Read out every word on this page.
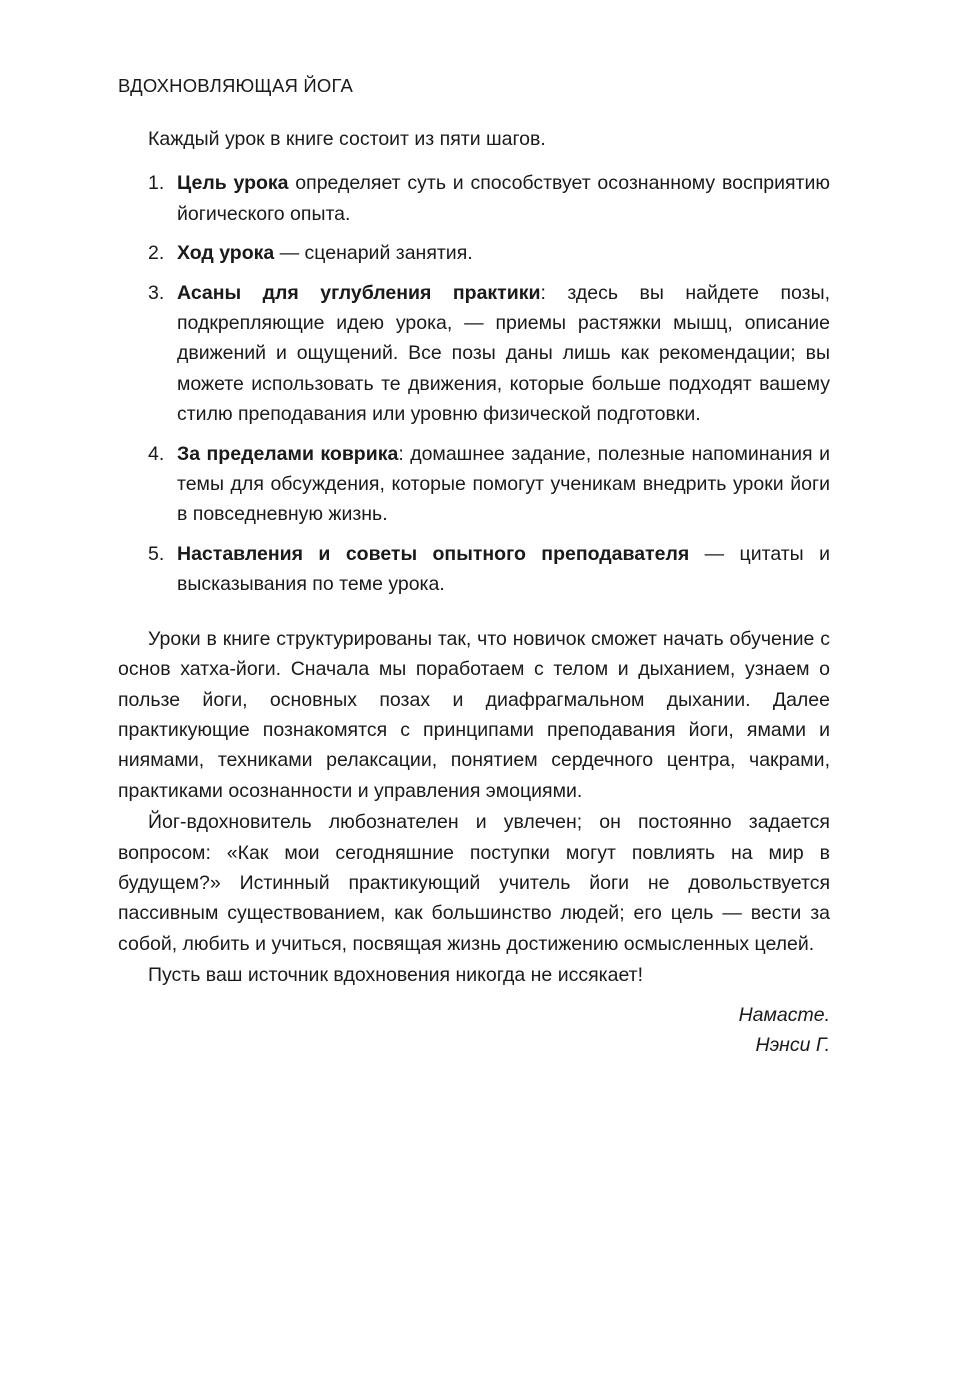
ВДОХНОВЛЯЮЩАЯ ЙОГА

Каждый урок в книге состоит из пяти шагов.

1. Цель урока определяет суть и способствует осознанному восприятию йогического опыта.
2. Ход урока — сценарий занятия.
3. Асаны для углубления практики: здесь вы найдете позы, подкрепляющие идею урока, — приемы растяжки мышц, описание движений и ощущений. Все позы даны лишь как рекомендации; вы можете использовать те движения, которые больше подходят вашему стилю преподавания или уровню физической подготовки.
4. За пределами коврика: домашнее задание, полезные напоминания и темы для обсуждения, которые помогут ученикам внедрить уроки йоги в повседневную жизнь.
5. Наставления и советы опытного преподавателя — цитаты и высказывания по теме урока.

Уроки в книге структурированы так, что новичок сможет начать обучение с основ хатха-йоги. Сначала мы поработаем с телом и дыханием, узнаем о пользе йоги, основных позах и диафрагмальном дыхании. Далее практикующие познакомятся с принципами преподавания йоги, ямами и ниямами, техниками релаксации, понятием сердечного центра, чакрами, практиками осознанности и управления эмоциями.

Йог-вдохновитель любознателен и увлечен; он постоянно задается вопросом: «Как мои сегодняшние поступки могут повлиять на мир в будущем?» Истинный практикующий учитель йоги не довольствуется пассивным существованием, как большинство людей; его цель — вести за собой, любить и учиться, посвящая жизнь достижению осмысленных целей.

Пусть ваш источник вдохновения никогда не иссякает!

Намасте.
Нэнси Г.
